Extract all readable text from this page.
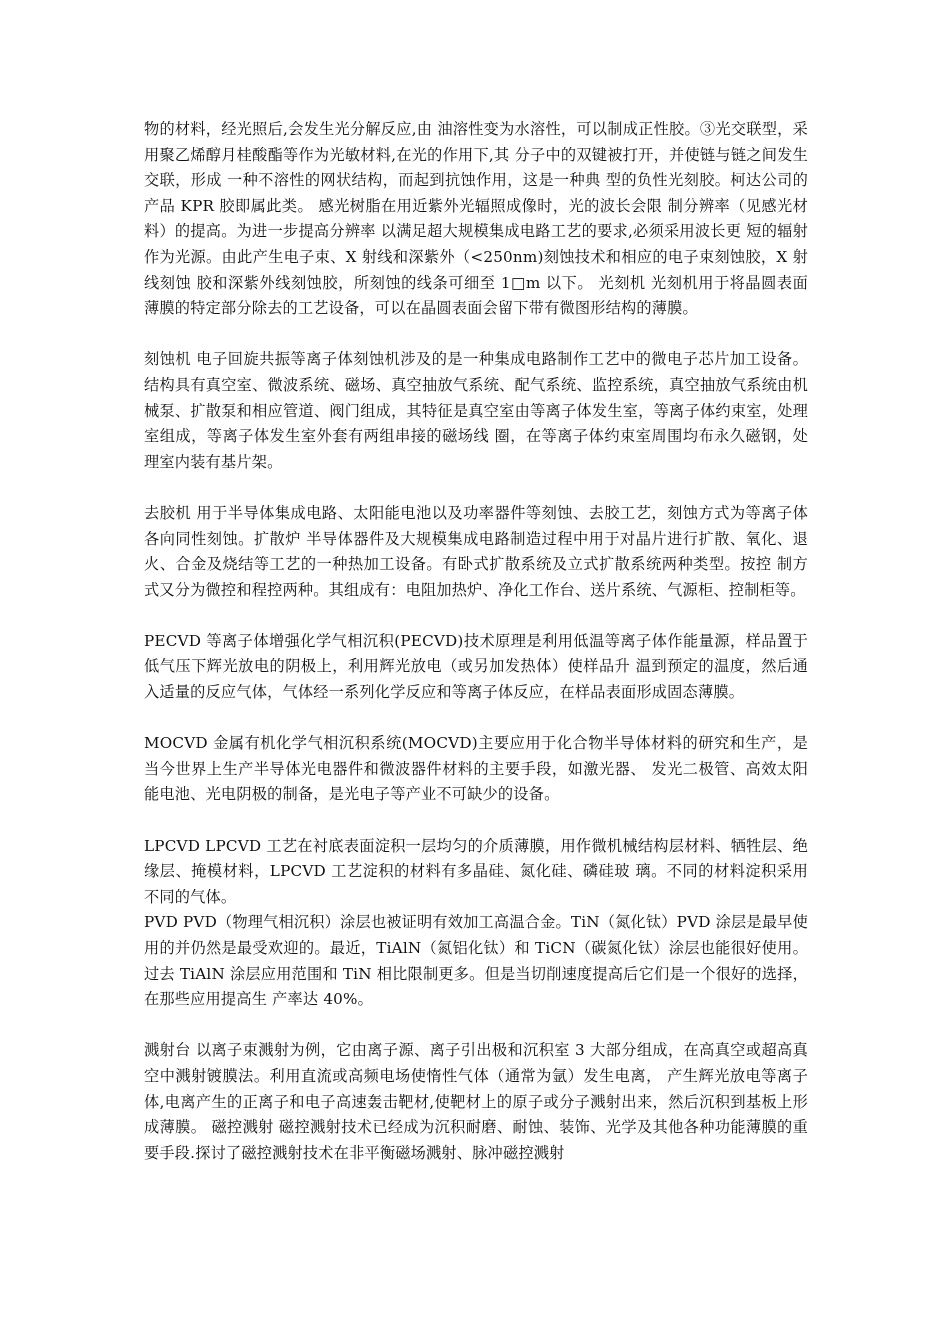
物的材料，经光照后,会发生光分解反应,由 油溶性变为水溶性，可以制成正性胶。③光交联型，采用聚乙烯醇月桂酸酯等作为光敏材料,在光的作用下,其 分子中的双键被打开，并使链与链之间发生交联，形成 一种不溶性的网状结构，而起到抗蚀作用，这是一种典 型的负性光刻胶。柯达公司的产品 KPR 胶即属此类。 感光树脂在用近紫外光辐照成像时，光的波长会限 制分辨率（见感光材料）的提高。为进一步提高分辨率 以满足超大规模集成电路工艺的要求,必须采用波长更 短的辐射作为光源。由此产生电子束、X 射线和深紫外（<250nm)刻蚀技术和相应的电子束刻蚀胶，X 射线刻蚀 胶和深紫外线刻蚀胶，所刻蚀的线条可细至 1□m 以下。 光刻机 光刻机用于将晶圆表面薄膜的特定部分除去的工艺设备，可以在晶圆表面会留下带有微图形结构的薄膜。

刻蚀机 电子回旋共振等离子体刻蚀机涉及的是一种集成电路制作工艺中的微电子芯片加工设备。结构具有真空室、微波系统、磁场、真空抽放气系统、配气系统、监控系统，真空抽放气系统由机械泵、扩散泵和相应管道、阀门组成，其特征是真空室由等离子体发生室，等离子体约束室，处理室组成，等离子体发生室外套有两组串接的磁场线 圈，在等离子体约束室周围均布永久磁钢，处理室内装有基片架。

去胶机 用于半导体集成电路、太阳能电池以及功率器件等刻蚀、去胶工艺，刻蚀方式为等离子体各向同性刻蚀。扩散炉 半导体器件及大规模集成电路制造过程中用于对晶片进行扩散、氧化、退火、合金及烧结等工艺的一种热加工设备。有卧式扩散系统及立式扩散系统两种类型。按控 制方式又分为微控和程控两种。其组成有：电阻加热炉、净化工作台、送片系统、气源柜、控制柜等。

PECVD 等离子体增强化学气相沉积(PECVD)技术原理是利用低温等离子体作能量源，样品置于低气压下辉光放电的阴极上，利用辉光放电（或另加发热体）使样品升 温到预定的温度，然后通入适量的反应气体，气体经一系列化学反应和等离子体反应，在样品表面形成固态薄膜。

MOCVD 金属有机化学气相沉积系统(MOCVD)主要应用于化合物半导体材料的研究和生产，是当今世界上生产半导体光电器件和微波器件材料的主要手段，如激光器、 发光二极管、高效太阳能电池、光电阴极的制备，是光电子等产业不可缺少的设备。

LPCVD LPCVD 工艺在衬底表面淀积一层均匀的介质薄膜，用作微机械结构层材料、牺牲层、绝缘层、掩模材料，LPCVD 工艺淀积的材料有多晶硅、氮化硅、磷硅玻 璃。不同的材料淀积采用不同的气体。

PVD PVD（物理气相沉积）涂层也被证明有效加工高温合金。TiN（氮化钛）PVD 涂层是最早使用的并仍然是最受欢迎的。最近，TiAlN（氮铝化钛）和 TiCN（碳氮化钛）涂层也能很好使用。过去 TiAlN 涂层应用范围和 TiN 相比限制更多。但是当切削速度提高后它们是一个很好的选择，在那些应用提高生 产率达 40%。

溅射台 以离子束溅射为例，它由离子源、离子引出极和沉积室 3 大部分组成，在高真空或超高真空中溅射镀膜法。利用直流或高频电场使惰性气体（通常为氩）发生电离， 产生辉光放电等离子体,电离产生的正离子和电子高速轰击靶材,使靶材上的原子或分子溅射出来，然后沉积到基板上形成薄膜。 磁控溅射 磁控溅射技术已经成为沉积耐磨、耐蚀、装饰、光学及其他各种功能薄膜的重要手段.探讨了磁控溅射技术在非平衡磁场溅射、脉冲磁控溅射
